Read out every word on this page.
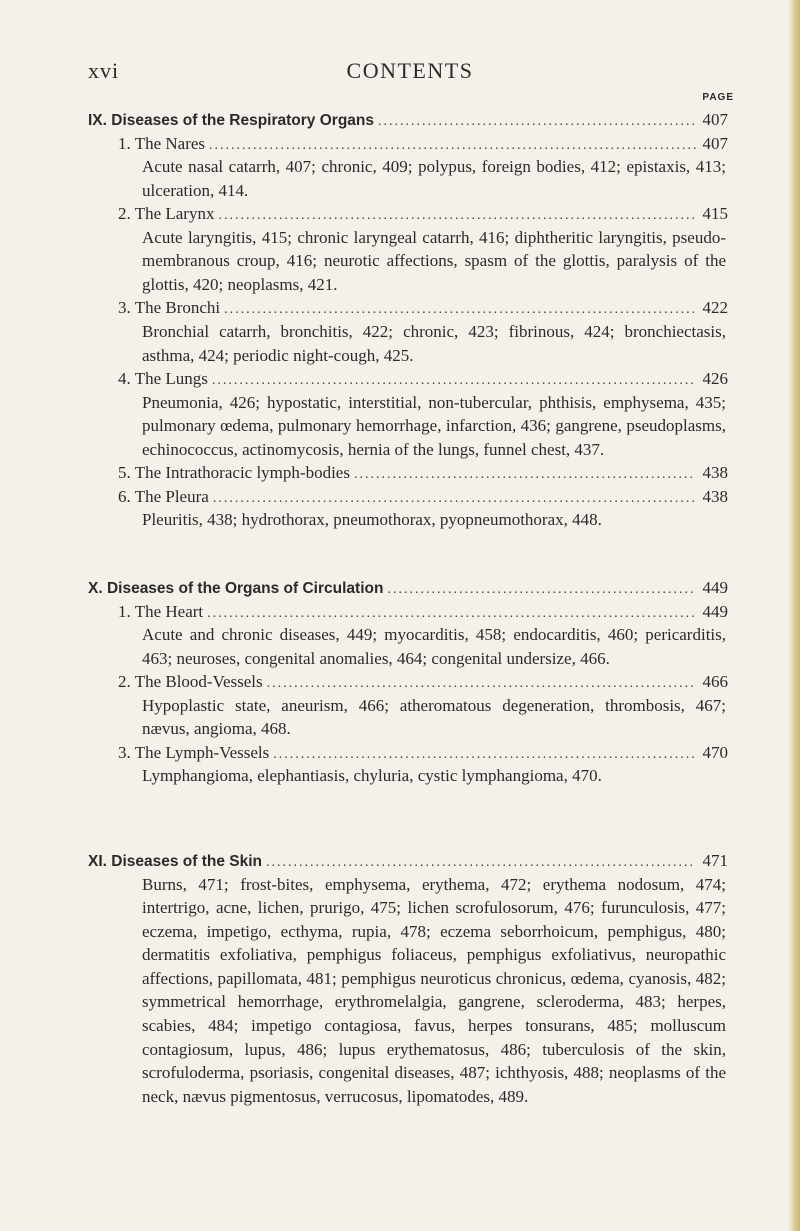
xvi	CONTENTS
PAGE
IX. Diseases of the Respiratory Organs .....	407
1. The Nares .....	407
Acute nasal catarrh, 407; chronic, 409; polypus, foreign bodies, 412; epistaxis, 413; ulceration, 414.
2. The Larynx .....	415
Acute laryngitis, 415; chronic laryngeal catarrh, 416; diphtheritic laryngitis, pseudo-membranous croup, 416; neurotic affections, spasm of the glottis, paralysis of the glottis, 420; neoplasms, 421.
3. The Bronchi .....	422
Bronchial catarrh, bronchitis, 422; chronic, 423; fibrinous, 424; bronchiectasis, asthma, 424; periodic night-cough, 425.
4. The Lungs .....	426
Pneumonia, 426; hypostatic, interstitial, non-tubercular, phthisis, emphysema, 435; pulmonary œdema, pulmonary hemorrhage, infarction, 436; gangrene, pseudoplasms, echinococcus, actinomycosis, hernia of the lungs, funnel chest, 437.
5. The Intrathoracic lymph-bodies .....	438
6. The Pleura .....	438
Pleuritis, 438; hydrothorax, pneumothorax, pyopneumothorax, 448.
X. Diseases of the Organs of Circulation .....	449
1. The Heart .....	449
Acute and chronic diseases, 449; myocarditis, 458; endocarditis, 460; pericarditis, 463; neuroses, congenital anomalies, 464; congenital undersize, 466.
2. The Blood-Vessels .....	466
Hypoplastic state, aneurism, 466; atheromatous degeneration, thrombosis, 467; nævus, angioma, 468.
3. The Lymph-Vessels .....	470
Lymphangioma, elephantiasis, chyluria, cystic lymphangioma, 470.
XI. Diseases of the Skin .....	471
Burns, 471; frost-bites, emphysema, erythema, 472; erythema nodosum, 474; intertrigo, acne, lichen, prurigo, 475; lichen scrofulosorum, 476; furunculosis, 477; eczema, impetigo, ecthyma, rupia, 478; eczema seborrhoicum, pemphigus, 480; dermatitis exfoliativa, pemphigus foliaceus, pemphigus exfoliativus, neuropathic affections, papillomata, 481; pemphigus neuroticus chronicus, œdema, cyanosis, 482; symmetrical hemorrhage, erythromelalgia, gangrene, scleroderma, 483; herpes, scabies, 484; impetigo contagiosa, favus, herpes tonsurans, 485; molluscum contagiosum, lupus, 486; lupus erythematosus, 486; tuberculosis of the skin, scrofuloderma, psoriasis, congenital diseases, 487; ichthyosis, 488; neoplasms of the neck, nævus pigmentosus, verrucosus, lipomatodes, 489.
